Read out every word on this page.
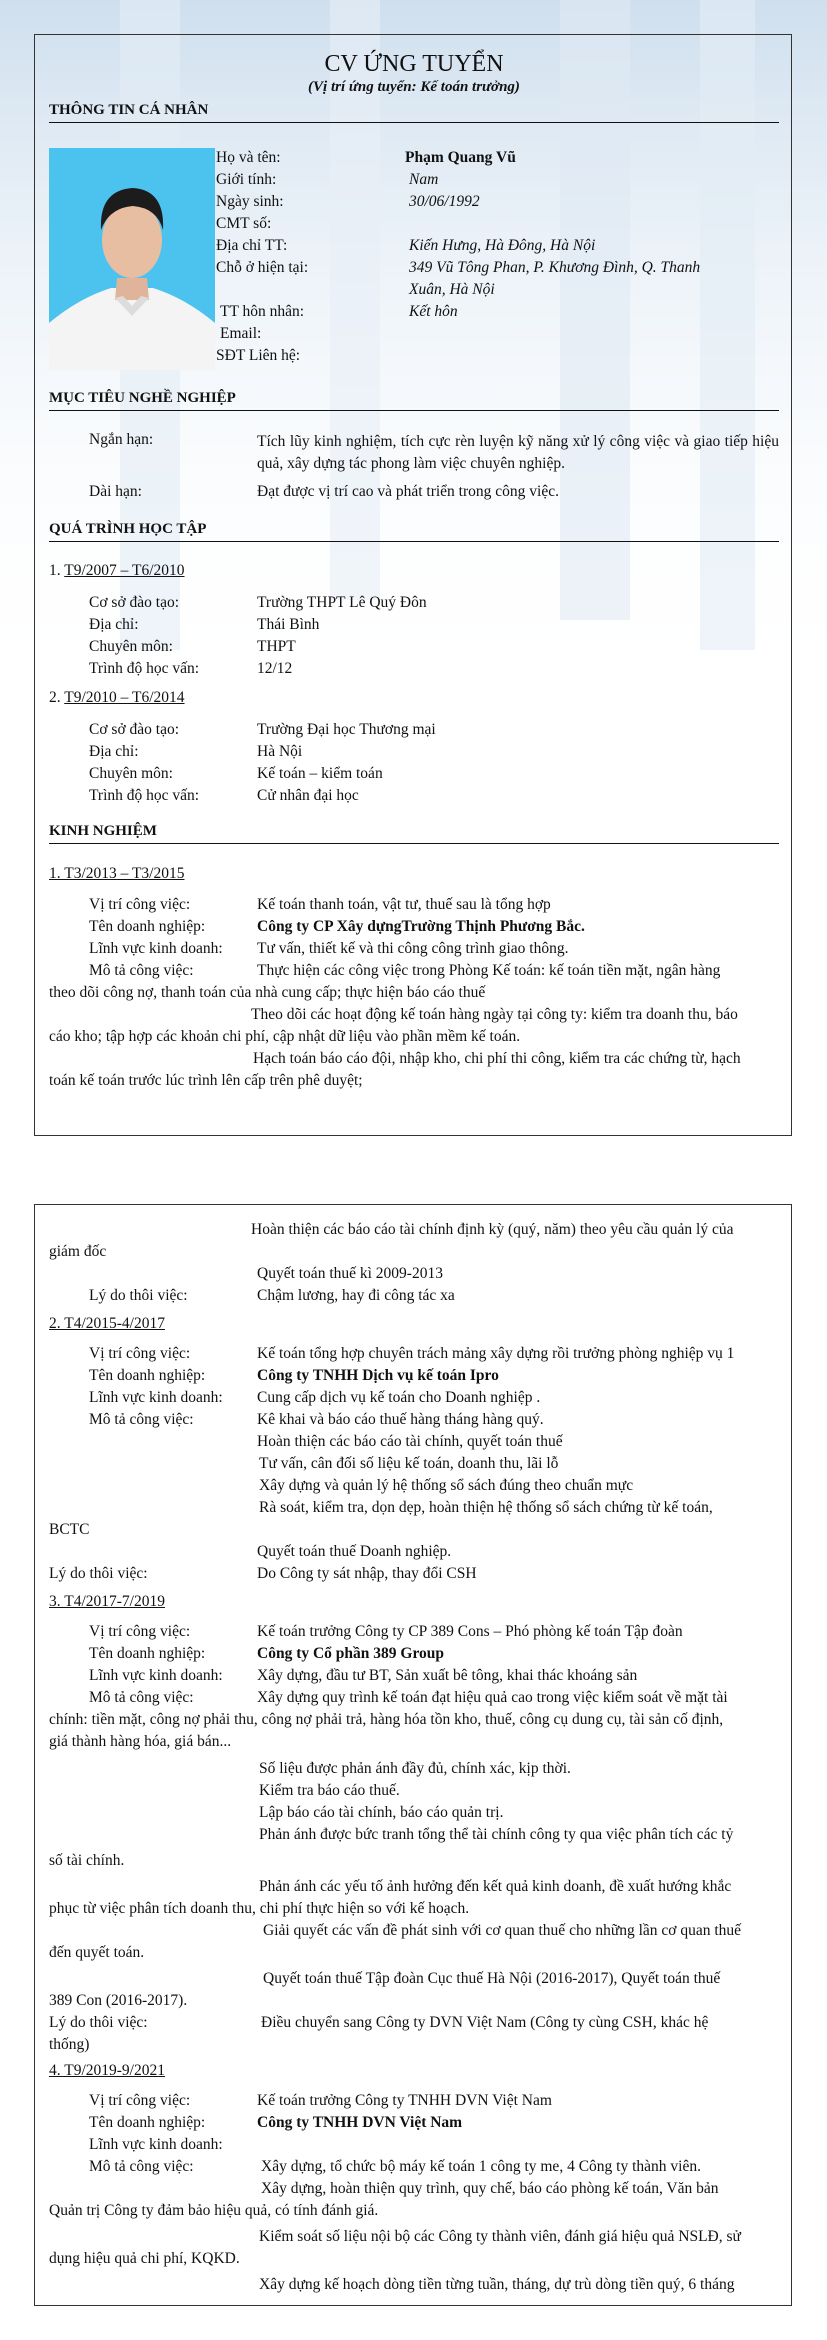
CV ỨNG TUYỂN
(Vị trí ứng tuyển: Kế toán trưởng)
THÔNG TIN CÁ NHÂN
Họ và tên:	Phạm Quang Vũ
Giới tính:	Nam
Ngày sinh:	30/06/1992
CMT số:
Địa chỉ TT:	Kiến Hưng, Hà Đông, Hà Nội
Chỗ ở hiện tại:	349 Vũ Tông Phan, P. Khương Đình, Q. Thanh
Xuân, Hà Nội
TT hôn nhân:	Kết hôn
Email:
SĐT Liên hệ:
MỤC TIÊU NGHỀ NGHIỆP
Ngắn hạn:	Tích lũy kinh nghiệm, tích cực rèn luyện kỹ năng xử lý công việc và giao tiếp hiệu quả, xây dựng tác phong làm việc chuyên nghiệp.
Dài hạn:	Đạt được vị trí cao và phát triển trong công việc.
QUÁ TRÌNH HỌC TẬP
1. T9/2007 – T6/2010
Cơ sở đào tạo:	Trường THPT Lê Quý Đôn
Địa chỉ:	Thái Bình
Chuyên môn:	THPT
Trình độ học vấn:	12/12
2. T9/2010 – T6/2014
Cơ sở đào tạo:	Trường Đại học Thương mại
Địa chỉ:	Hà Nội
Chuyên môn:	Kế toán – kiểm toán
Trình độ học vấn:	Cử nhân đại học
KINH NGHIỆM
1. T3/2013 – T3/2015
Vị trí công việc:	Kế toán thanh toán, vật tư, thuế sau là tổng hợp
Tên doanh nghiệp:	Công ty CP Xây dựngTrường Thịnh Phương Bắc.
Lĩnh vực kinh doanh: Tư vấn, thiết kế và thi công công trình giao thông.
Mô tả công việc:	Thực hiện các công việc trong Phòng Kế toán: kế toán tiền mặt, ngân hàng
theo dõi công nợ, thanh toán của nhà cung cấp; thực hiện báo cáo thuế
Theo dõi các hoạt động kế toán hàng ngày tại công ty: kiểm tra doanh thu, báo
cáo kho; tập hợp các khoản chi phí, cập nhật dữ liệu vào phần mềm kế toán.
Hạch toán báo cáo đội, nhập kho, chi phí thi công, kiểm tra các chứng từ, hạch
toán kế toán trước lúc trình lên cấp trên phê duyệt;
Hoàn thiện các báo cáo tài chính định kỳ (quý, năm) theo yêu cầu quản lý của
giám đốc
Quyết toán thuế kì 2009-2013
Lý do thôi việc:	Chậm lương, hay đi công tác xa
2. T4/2015-4/2017
Vị trí công việc:	Kế toán tổng hợp chuyên trách mảng xây dựng rồi trưởng phòng nghiệp vụ 1
Tên doanh nghiệp:	Công ty TNHH Dịch vụ kế toán Ipro
Lĩnh vực kinh doanh: Cung cấp dịch vụ kế toán cho Doanh nghiệp .
Mô tả công việc:	Kê khai và báo cáo thuế hàng tháng hàng quý.
Hoàn thiện các báo cáo tài chính, quyết toán thuế
Tư vấn, cân đối số liệu kế toán, doanh thu, lãi lỗ
Xây dựng và quản lý hệ thống sổ sách đúng theo chuẩn mực
Rà soát, kiểm tra, dọn dẹp, hoàn thiện hệ thống sổ sách chứng từ kế toán,
BCTC
Quyết toán thuế Doanh nghiệp.
Lý do thôi việc:	Do Công ty sát nhập, thay đổi CSH
3. T4/2017-7/2019
Vị trí công việc:	Kế toán trưởng Công ty CP 389 Cons – Phó phòng kế toán Tập đoàn
Tên doanh nghiệp:	Công ty Cổ phần 389 Group
Lĩnh vực kinh doanh: Xây dựng, đầu tư BT, Sản xuất bê tông, khai thác khoáng sản
Mô tả công việc:	Xây dựng quy trình kế toán đạt hiệu quả cao trong việc kiểm soát về mặt tài
chính: tiền mặt, công nợ phải thu, công nợ phải trả, hàng hóa tồn kho, thuế, công cụ dung cụ, tài sản cố định,
giá thành hàng hóa, giá bán...
Số liệu được phản ánh đầy đủ, chính xác, kịp thời.
Kiểm tra báo cáo thuế.
Lập báo cáo tài chính, báo cáo quản trị.
Phản ánh được bức tranh tổng thể tài chính công ty qua việc phân tích các tỷ
số tài chính.
Phản ánh các yếu tố ảnh hưởng đến kết quả kinh doanh, đề xuất hướng khắc
phục từ việc phân tích doanh thu, chi phí thực hiện so với kế hoạch.
Giải quyết các vấn đề phát sinh với cơ quan thuế cho những lần cơ quan thuế
đến quyết toán.
Quyết toán thuế Tập đoàn Cục thuế Hà Nội (2016-2017), Quyết toán thuế
389 Con (2016-2017).
Lý do thôi việc:	Điều chuyển sang Công ty DVN Việt Nam (Công ty cùng CSH, khác hệ
thống)
4. T9/2019-9/2021
Vị trí công việc:	Kế toán trưởng Công ty TNHH DVN Việt Nam
Tên doanh nghiệp:	Công ty TNHH DVN Việt Nam
Lĩnh vực kinh doanh:
Mô tả công việc:	Xây dựng, tổ chức bộ máy kế toán 1 công ty me, 4 Công ty thành viên.
Xây dựng, hoàn thiện quy trình, quy chế, báo cáo phòng kế toán, Văn bản
Quản trị Công ty đảm bảo hiệu quả, có tính đánh giá.
Kiểm soát số liệu nội bộ các Công ty thành viên, đánh giá hiệu quả NSLĐ, sử
dụng hiệu quả chi phí, KQKD.
Xây dựng kế hoạch dòng tiền từng tuần, tháng, dự trù dòng tiền quý, 6 tháng
